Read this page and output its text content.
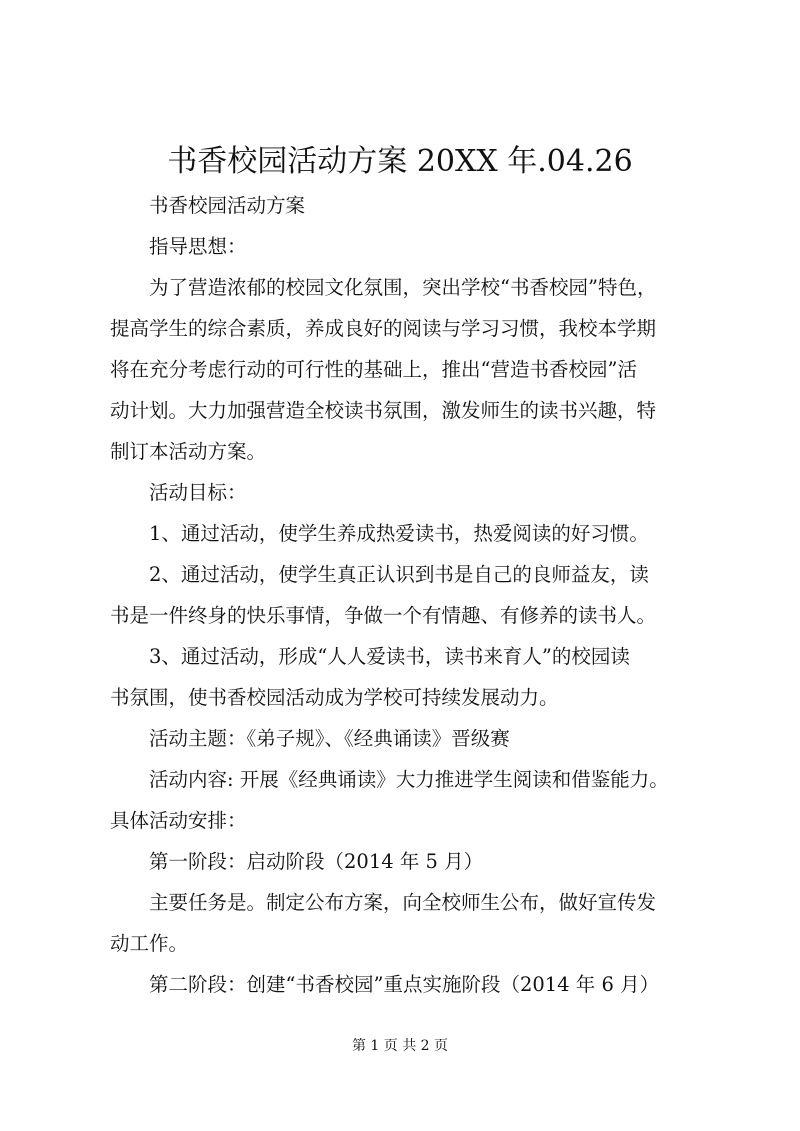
书香校园活动方案 20XX 年.04.26

书香校园活动方案

指导思想：

为了营造浓郁的校园文化氛围，突出学校“书香校园”特色，

提高学生的综合素质，养成良好的阅读与学习习惯，我校本学期

将在充分考虑行动的可行性的基础上，推出“营造书香校园”活

动计划。大力加强营造全校读书氛围，激发师生的读书兴趣，特

制订本活动方案。

活动目标：

1、通过活动，使学生养成热爱读书，热爱阅读的好习惯。

2、通过活动，使学生真正认识到书是自己的良师益友，读

书是一件终身的快乐事情，争做一个有情趣、有修养的读书人。

3、通过活动，形成“人人爱读书，读书来育人”的校园读

书氛围，使书香校园活动成为学校可持续发展动力。

活动主题：《弟子规》、《经典诵读》晋级赛

活动内容: 开展《经典诵读》大力推进学生阅读和借鉴能力。

具体活动安排：

第一阶段：启动阶段（2014 年 5 月）

主要任务是。制定公布方案，向全校师生公布，做好宣传发

动工作。

第二阶段：创建“书香校园”重点实施阶段（2014 年 6 月）

第 1 页 共 2 页
